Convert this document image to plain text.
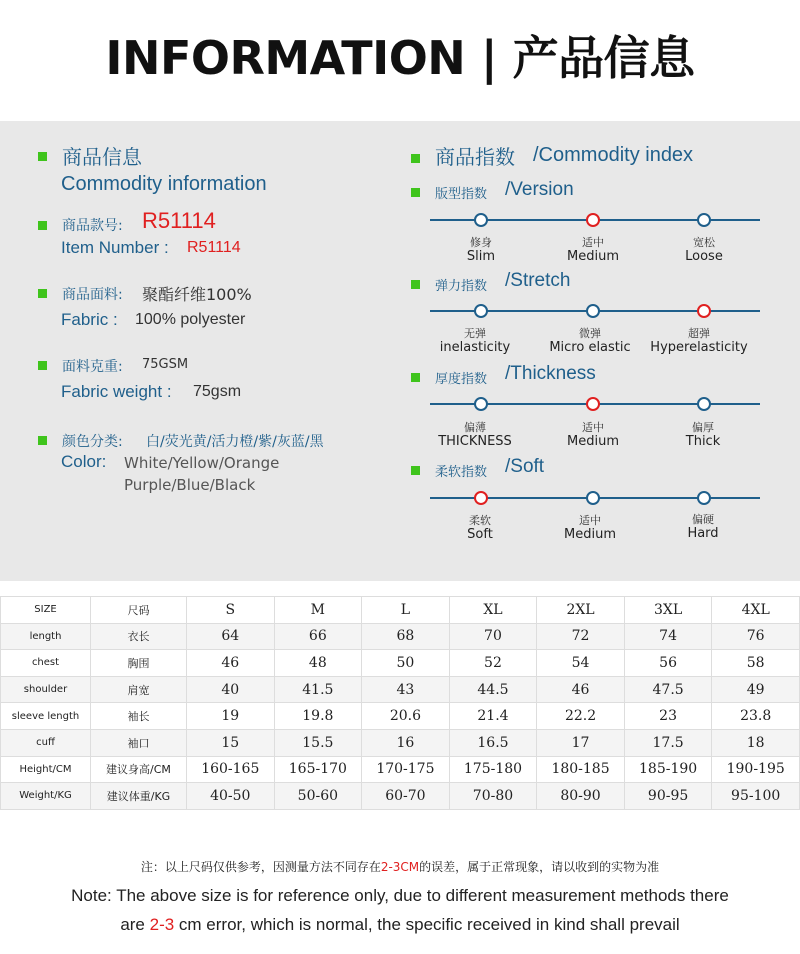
INFORMATION | 产品信息
商品信息
Commodity information
商品款号: R51114
Item Number : R51114
商品面料: 聚酯纤维100%
Fabric : 100% polyester
面料克重: 75GSM
Fabric weight : 75gsm
颜色分类: 白/荧光黄/活力橙/紫/灰蓝/黑
Color: White/Yellow/Orange
Purple/Blue/Black
商品指数 /Commodity index
版型指数 /Version
修身
Slim
适中
Medium
宽松
Loose
弹力指数 /Stretch
无弹
inelasticity
微弹
Micro elastic
超弹
Hyperelasticity
厚度指数 /Thickness
偏薄
THICKNESS
适中
Medium
偏厚
Thick
柔软指数 /Soft
柔软
Soft
适中
Medium
偏硬
Hard
SIZE	尺码	S	M	L	XL	2XL	3XL	4XL
length	衣长	64	66	68	70	72	74	76
chest	胸围	46	48	50	52	54	56	58
shoulder	肩宽	40	41.5	43	44.5	46	47.5	49
sleeve length	袖长	19	19.8	20.6	21.4	22.2	23	23.8
cuff	袖口	15	15.5	16	16.5	17	17.5	18
Height/CM	建议身高/CM	160-165	165-170	170-175	175-180	180-185	185-190	190-195
Weight/KG	建议体重/KG	40-50	50-60	60-70	70-80	80-90	90-95	95-100
注：以上尺码仅供参考，因测量方法不同存在2-3CM的误差，属于正常现象，请以收到的实物为准
Note: The above size is for reference only, due to different measurement methods there
are 2-3 cm error, which is normal, the specific received in kind shall prevail
